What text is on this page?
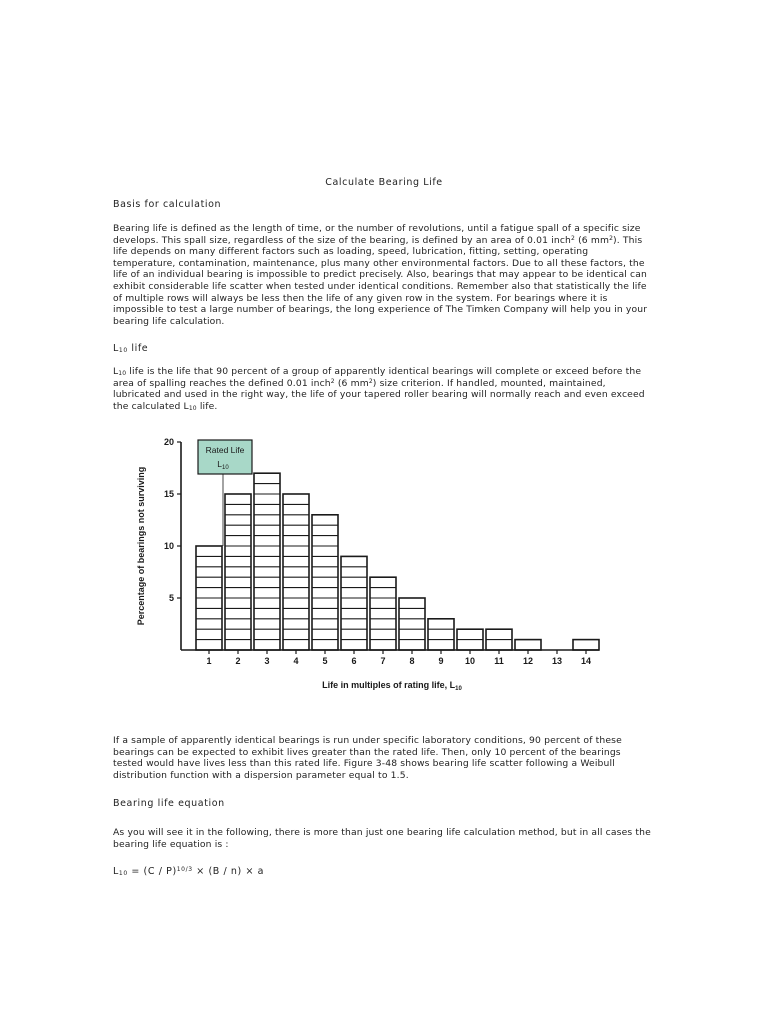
Calculate Bearing Life
Basis for calculation

Bearing life is defined as the length of time, or the number of revolutions, until a fatigue spall of a specific size develops. This spall size, regardless of the size of the bearing, is defined by an area of 0.01 inch$^2$ (6 $mm^2$). This life depends on many different factors such as loading, speed, lubrication, fitting, setting, operating temperature, contamination, maintenance, plus many other environmental factors. Due to all these factors, the life of an individual bearing is impossible to predict precisely. Also, bearings that may appear to be identical can exhibit considerable life scatter when tested under identical conditions. Remember also that statistically the life of multiple rows will always be less then the life of any given row in the system. For bearings where it is impossible to test a large number of bearings, the long experience of The Timken Company will help you in your bearing life calculation.

$L_{10}$ life

$L_{10}$ life is the life that 90 percent of a group of apparently identical bearings will complete or exceed before the area of spalling reaches the defined 0.01 inch$^2$ (6 $mm^2$) size criterion. If handled, mounted, maintained, lubricated and used in the right way, the life of your tapered roller bearing will normally reach and even exceed the calculated $L_{10}$ life.

1	2	3	4	5	6	7	8	9 10 11 12 13 14
5
10
15
20
Percentage of bearings not surviving
Life in multiples of rating life, $L_{10}$
Rated Life
$L_{10}$

If a sample of apparently identical bearings is run under specific laboratory conditions, 90 percent of these bearings can be expected to exhibit lives greater than the rated life. Then, only 10 percent of the bearings tested would have lives less than this rated life. Figure 3-48 shows bearing life scatter following a Weibull distribution function with a dispersion parameter equal to 1.5.

Bearing life equation

As you will see it in the following, there is more than just one bearing life calculation method, but in all cases the bearing life equation is :

$L_{10} = (C / P)^{10/3} \times (B / n) \times a$
